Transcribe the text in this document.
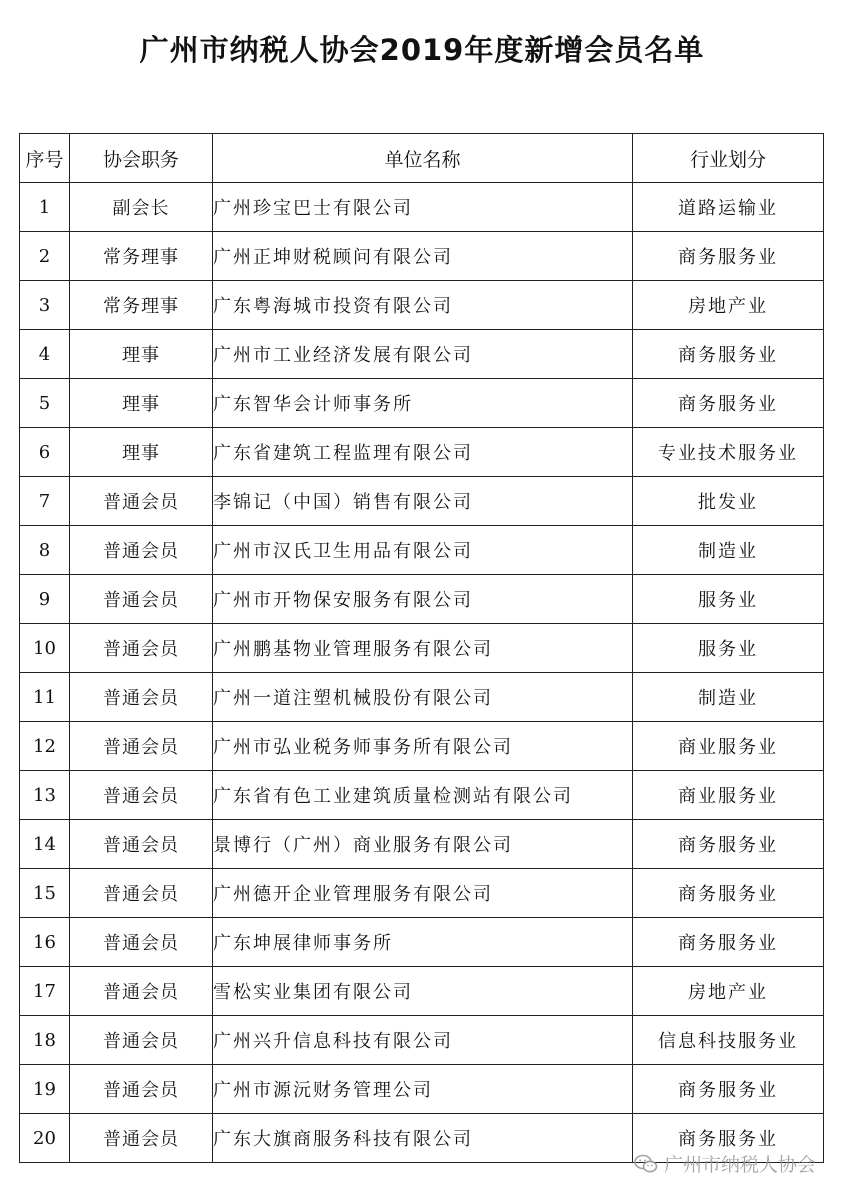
广州市纳税人协会2019年度新增会员名单
序号	协会职务	单位名称	行业划分
1	副会长	广州珍宝巴士有限公司	道路运输业
2	常务理事	广州正坤财税顾问有限公司	商务服务业
3	常务理事	广东粤海城市投资有限公司	房地产业
4	理事	广州市工业经济发展有限公司	商务服务业
5	理事	广东智华会计师事务所	商务服务业
6	理事	广东省建筑工程监理有限公司	专业技术服务业
7	普通会员	李锦记（中国）销售有限公司	批发业
8	普通会员	广州市汉氏卫生用品有限公司	制造业
9	普通会员	广州市开物保安服务有限公司	服务业
10	普通会员	广州鹏基物业管理服务有限公司	服务业
11	普通会员	广州一道注塑机械股份有限公司	制造业
12	普通会员	广州市弘业税务师事务所有限公司	商业服务业
13	普通会员	广东省有色工业建筑质量检测站有限公司	商业服务业
14	普通会员	景博行（广州）商业服务有限公司	商务服务业
15	普通会员	广州德开企业管理服务有限公司	商务服务业
16	普通会员	广东坤展律师事务所	商务服务业
17	普通会员	雪松实业集团有限公司	房地产业
18	普通会员	广州兴升信息科技有限公司	信息科技服务业
19	普通会员	广州市源沅财务管理公司	商务服务业
20	普通会员	广东大旗商服务科技有限公司	商务服务业
广州市纳税人协会
